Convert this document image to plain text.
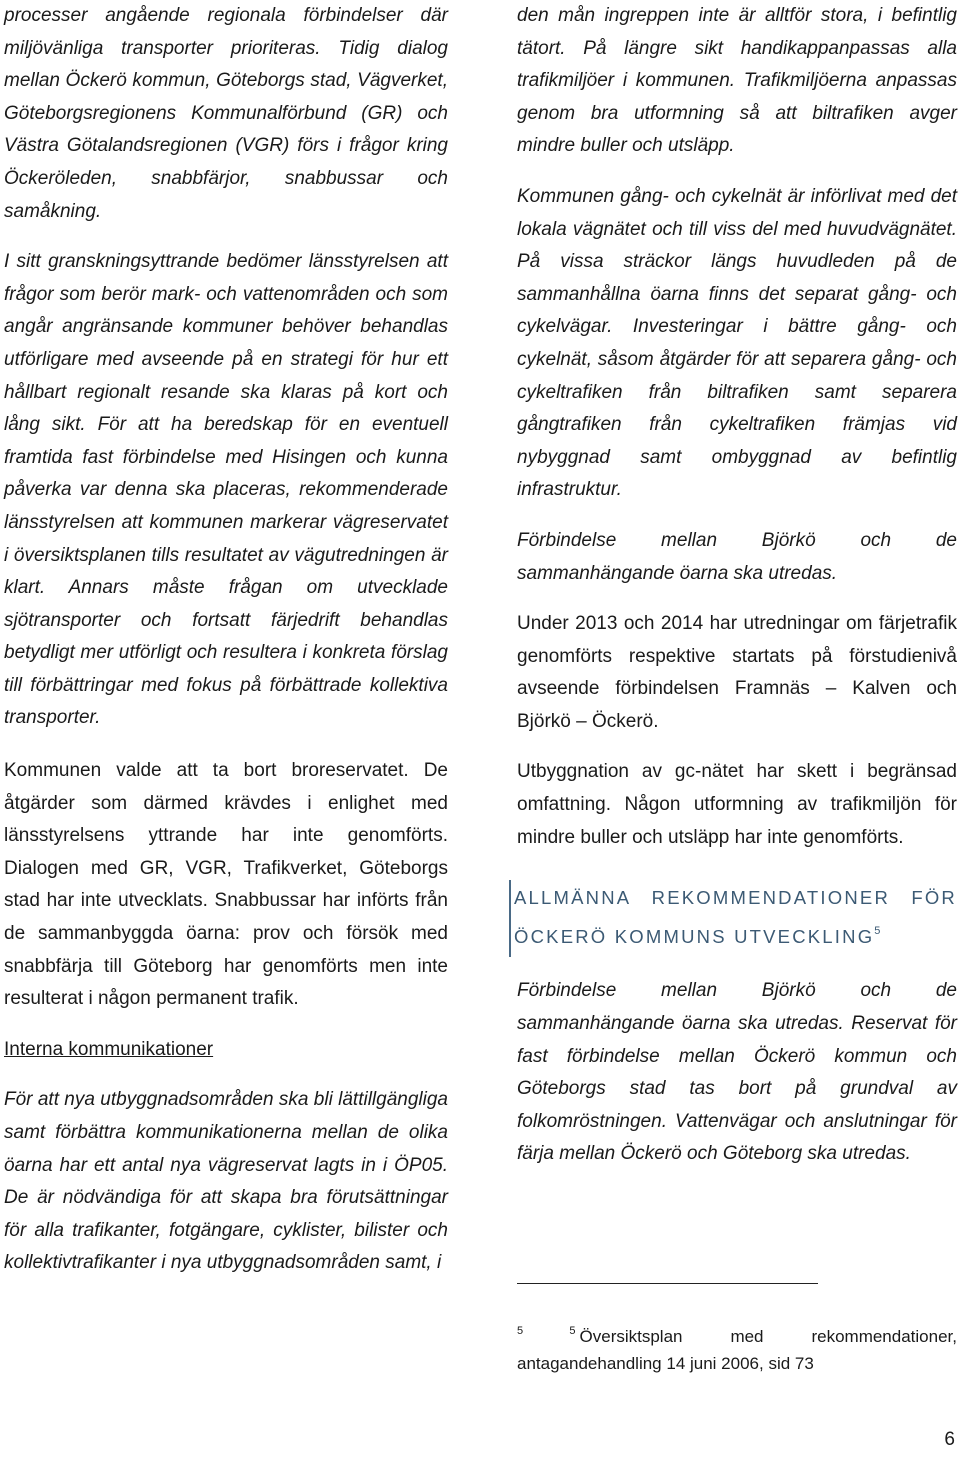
processer angående regionala förbindelser där miljövänliga transporter prioriteras. Tidig dialog mellan Öckerö kommun, Göteborgs stad, Vägverket, Göteborgsregionens Kommunalförbund (GR) och Västra Götalandsregionen (VGR) förs i frågor kring Öckeröleden, snabbfärjor, snabbussar och samåkning.

I sitt granskningsyttrande bedömer länsstyrelsen att frågor som berör mark- och vattenområden och som angår angränsande kommuner behöver behandlas utförligare med avseende på en strategi för hur ett hållbart regionalt resande ska klaras på kort och lång sikt. För att ha beredskap för en eventuell framtida fast förbindelse med Hisingen och kunna påverka var denna ska placeras, rekommenderade länsstyrelsen att kommunen markerar vägreservatet i översiktsplanen tills resultatet av vägutredningen är klart. Annars måste frågan om utvecklade sjötransporter och fortsatt färjedrift behandlas betydligt mer utförligt och resultera i konkreta förslag till förbättringar med fokus på förbättrade kollektiva transporter.

Kommunen valde att ta bort broreservatet. De åtgärder som därmed krävdes i enlighet med länsstyrelsens yttrande har inte genomförts. Dialogen med GR, VGR, Trafikverket, Göteborgs stad har inte utvecklats. Snabbussar har införts från de sammanbyggda öarna: prov och försök med snabbfärja till Göteborg har genomförts men inte resulterat i någon permanent trafik.

Interna kommunikationer

För att nya utbyggnadsområden ska bli lättillgängliga samt förbättra kommunikationerna mellan de olika öarna har ett antal nya vägreservat lagts in i ÖP05. De är nödvändiga för att skapa bra förutsättningar för alla trafikanter, fotgängare, cyklister, bilister och kollektivtrafikanter i nya utbyggnadsområden samt, i

den mån ingreppen inte är alltför stora, i befintlig tätort. På längre sikt handikappanpassas alla trafikmiljöer i kommunen. Trafikmiljöerna anpassas genom bra utformning så att biltrafiken avger mindre buller och utsläpp.

Kommunen gång- och cykelnät är införlivat med det lokala vägnätet och till viss del med huvudvägnätet. På vissa sträckor längs huvudleden på de sammanhållna öarna finns det separat gång- och cykelvägar. Investeringar i bättre gång- och cykelnät, såsom åtgärder för att separera gång- och cykeltrafiken från biltrafiken samt separera gångtrafiken från cykeltrafiken främjas vid nybyggnad samt ombyggnad av befintlig infrastruktur.

Förbindelse mellan Björkö och de sammanhängande öarna ska utredas.

Under 2013 och 2014 har utredningar om färjetrafik genomförts respektive startats på förstudienivå avseende förbindelsen Framnäs – Kalven och Björkö – Öckerö.

Utbyggnation av gc-nätet har skett i begränsad omfattning. Någon utformning av trafikmiljön för mindre buller och utsläpp har inte genomförts.

ALLMÄNNA REKOMMENDATIONER FÖR ÖCKERÖ KOMMUNS UTVECKLING$^5$

Förbindelse mellan Björkö och de sammanhängande öarna ska utredas. Reservat för fast förbindelse mellan Öckerö kommun och Göteborgs stad tas bort på grundval av folkomröstningen. Vattenvägar och anslutningar för färja mellan Öckerö och Göteborg ska utredas.

$^{5 5}$ Översiktsplan med rekommendationer, antagandehandling 14 juni 2006, sid 73

6
